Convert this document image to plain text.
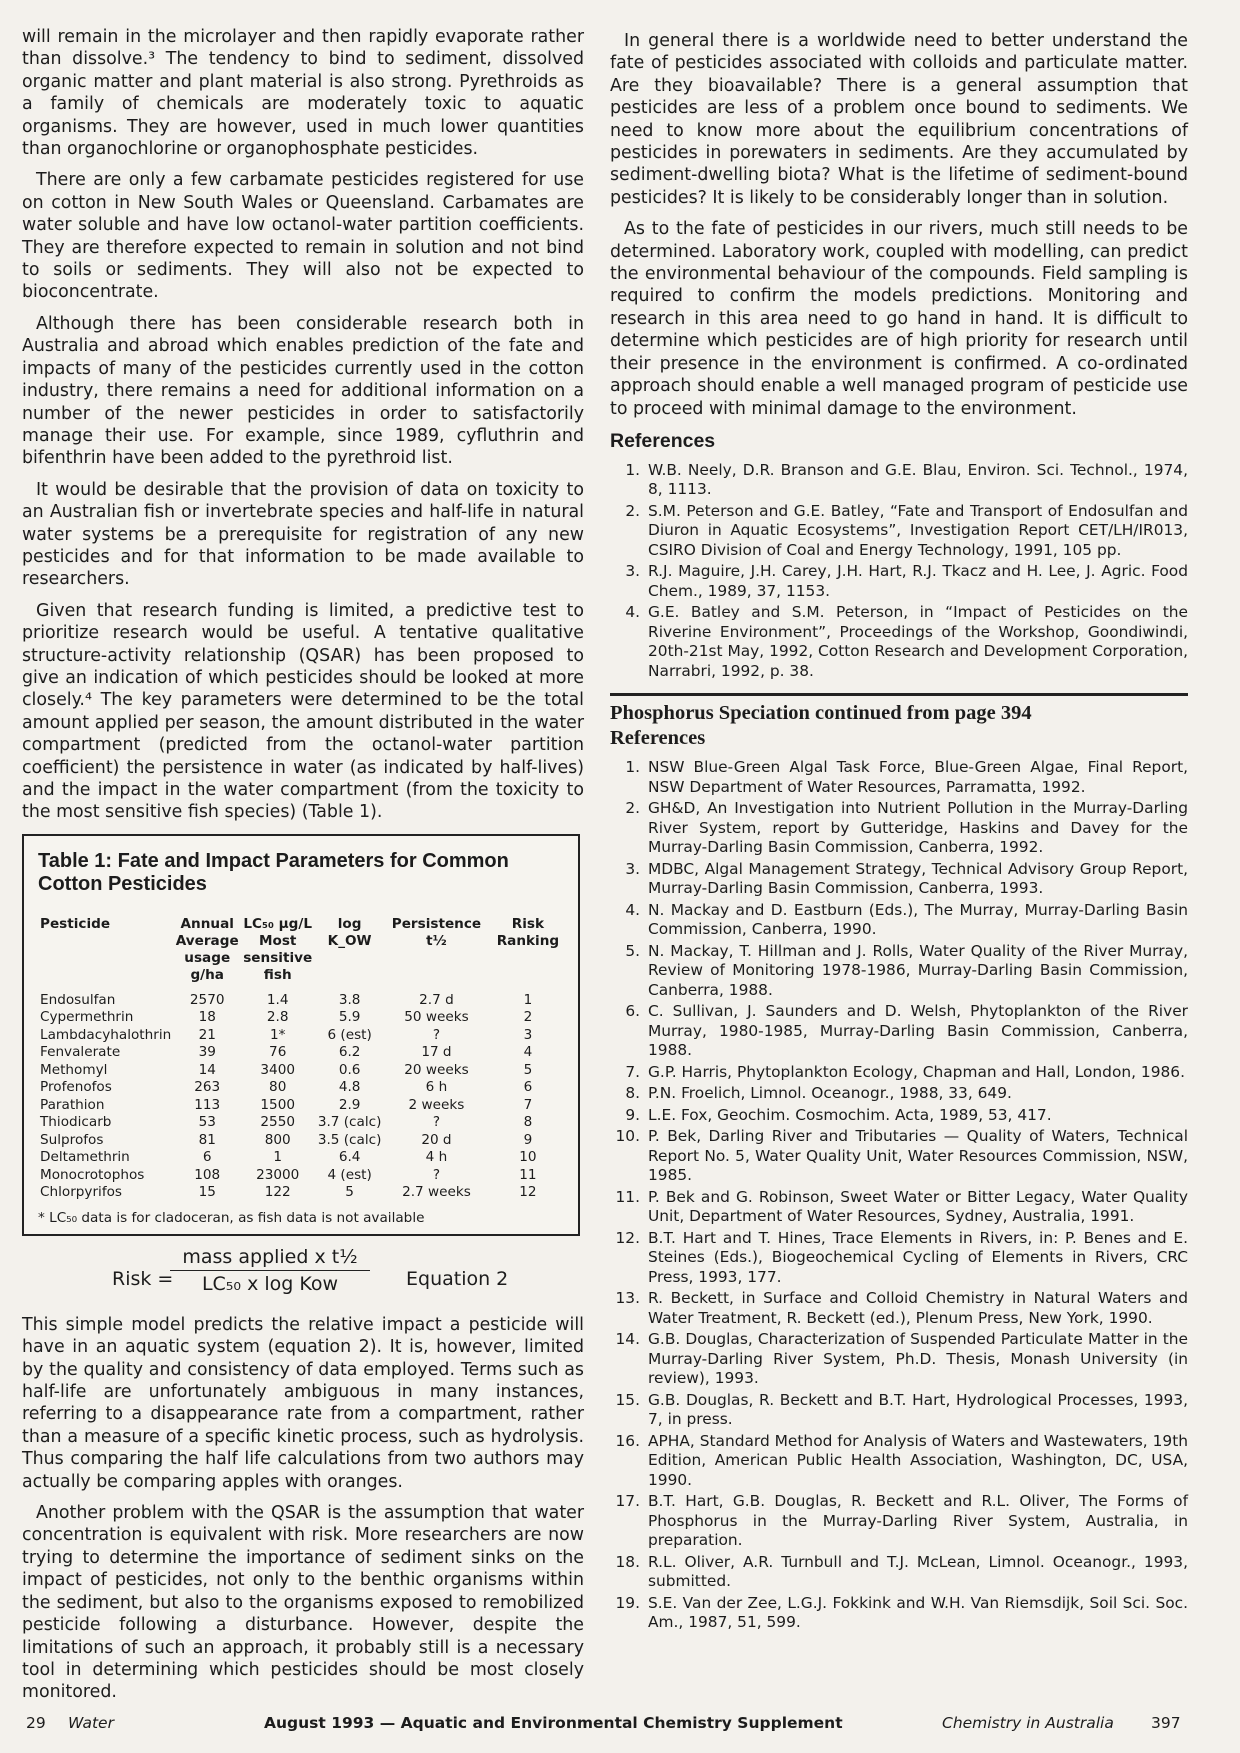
will remain in the microlayer and then rapidly evaporate rather than dissolve.³ The tendency to bind to sediment, dissolved organic matter and plant material is also strong. Pyrethroids as a family of chemicals are moderately toxic to aquatic organisms. They are however, used in much lower quantities than organochlorine or organophosphate pesticides.

There are only a few carbamate pesticides registered for use on cotton in New South Wales or Queensland. Carbamates are water soluble and have low octanol-water partition coefficients. They are therefore expected to remain in solution and not bind to soils or sediments. They will also not be expected to bioconcentrate.

Although there has been considerable research both in Australia and abroad which enables prediction of the fate and impacts of many of the pesticides currently used in the cotton industry, there remains a need for additional information on a number of the newer pesticides in order to satisfactorily manage their use. For example, since 1989, cyfluthrin and bifenthrin have been added to the pyrethroid list.

It would be desirable that the provision of data on toxicity to an Australian fish or invertebrate species and half-life in natural water systems be a prerequisite for registration of any new pesticides and for that information to be made available to researchers.

Given that research funding is limited, a predictive test to prioritize research would be useful. A tentative qualitative structure-activity relationship (QSAR) has been proposed to give an indication of which pesticides should be looked at more closely.⁴ The key parameters were determined to be the total amount applied per season, the amount distributed in the water compartment (predicted from the octanol-water partition coefficient) the persistence in water (as indicated by half-lives) and the impact in the water compartment (from the toxicity to the most sensitive fish species) (Table 1).

Table 1: Fate and Impact Parameters for Common Cotton Pesticides
Pesticide	Annual Average usage g/ha	LC₅₀ µg/L Most sensitive fish	log K_OW	Persistence t½	Risk Ranking
Endosulfan	2570	1.4	3.8	2.7 d	1
Cypermethrin	18	2.8	5.9	50 weeks	2
Lambdacyhalothrin	21	1*	6 (est)	?	3
Fenvalerate	39	76	6.2	17 d	4
Methomyl	14	3400	0.6	20 weeks	5
Profenofos	263	80	4.8	6 h	6
Parathion	113	1500	2.9	2 weeks	7
Thiodicarb	53	2550	3.7 (calc)	?	8
Sulprofos	81	800	3.5 (calc)	20 d	9
Deltamethrin	6	1	6.4	4 h	10
Monocrotophos	108	23000	4 (est)	?	11
Chlorpyrifos	15	122	5	2.7 weeks	12
* LC₅₀ data is for cladoceran, as fish data is not available
Risk =
mass applied x t½
LC₅₀ x log Kow	Equation 2

This simple model predicts the relative impact a pesticide will have in an aquatic system (equation 2). It is, however, limited by the quality and consistency of data employed. Terms such as half-life are unfortunately ambiguous in many instances, referring to a disappearance rate from a compartment, rather than a measure of a specific kinetic process, such as hydrolysis. Thus comparing the half life calculations from two authors may actually be comparing apples with oranges.

Another problem with the QSAR is the assumption that water concentration is equivalent with risk. More researchers are now trying to determine the importance of sediment sinks on the impact of pesticides, not only to the benthic organisms within the sediment, but also to the organisms exposed to remobilized pesticide following a disturbance. However, despite the limitations of such an approach, it probably still is a necessary tool in determining which pesticides should be most closely monitored.

In general there is a worldwide need to better understand the fate of pesticides associated with colloids and particulate matter. Are they bioavailable? There is a general assumption that pesticides are less of a problem once bound to sediments. We need to know more about the equilibrium concentrations of pesticides in porewaters in sediments. Are they accumulated by sediment-dwelling biota? What is the lifetime of sediment-bound pesticides? It is likely to be considerably longer than in solution.

As to the fate of pesticides in our rivers, much still needs to be determined. Laboratory work, coupled with modelling, can predict the environmental behaviour of the compounds. Field sampling is required to confirm the models predictions. Monitoring and research in this area need to go hand in hand. It is difficult to determine which pesticides are of high priority for research until their presence in the environment is confirmed. A co-ordinated approach should enable a well managed program of pesticide use to proceed with minimal damage to the environment.

References
1. W.B. Neely, D.R. Branson and G.E. Blau, Environ. Sci. Technol., 1974, 8, 1113.
2. S.M. Peterson and G.E. Batley, “Fate and Transport of Endosulfan and Diuron in Aquatic Ecosystems”, Investigation Report CET/LH/IR013, CSIRO Division of Coal and Energy Technology, 1991, 105 pp.
3. R.J. Maguire, J.H. Carey, J.H. Hart, R.J. Tkacz and H. Lee, J. Agric. Food Chem., 1989, 37, 1153.
4. G.E. Batley and S.M. Peterson, in “Impact of Pesticides on the Riverine Environment”, Proceedings of the Workshop, Goondiwindi, 20th-21st May, 1992, Cotton Research and Development Corporation, Narrabri, 1992, p. 38.
Phosphorus Speciation continued from page 394
References
1. NSW Blue-Green Algal Task Force, Blue-Green Algae, Final Report, NSW Department of Water Resources, Parramatta, 1992.
2. GH&D, An Investigation into Nutrient Pollution in the Murray-Darling River System, report by Gutteridge, Haskins and Davey for the Murray-Darling Basin Commission, Canberra, 1992.
3. MDBC, Algal Management Strategy, Technical Advisory Group Report, Murray-Darling Basin Commission, Canberra, 1993.
4. N. Mackay and D. Eastburn (Eds.), The Murray, Murray-Darling Basin Commission, Canberra, 1990.
5. N. Mackay, T. Hillman and J. Rolls, Water Quality of the River Murray, Review of Monitoring 1978-1986, Murray-Darling Basin Commission, Canberra, 1988.
6. C. Sullivan, J. Saunders and D. Welsh, Phytoplankton of the River Murray, 1980-1985, Murray-Darling Basin Commission, Canberra, 1988.
7. G.P. Harris, Phytoplankton Ecology, Chapman and Hall, London, 1986.
8. P.N. Froelich, Limnol. Oceanogr., 1988, 33, 649.
9. L.E. Fox, Geochim. Cosmochim. Acta, 1989, 53, 417.
10. P. Bek, Darling River and Tributaries — Quality of Waters, Technical Report No. 5, Water Quality Unit, Water Resources Commission, NSW, 1985.
11. P. Bek and G. Robinson, Sweet Water or Bitter Legacy, Water Quality Unit, Department of Water Resources, Sydney, Australia, 1991.
12. B.T. Hart and T. Hines, Trace Elements in Rivers, in: P. Benes and E. Steines (Eds.), Biogeochemical Cycling of Elements in Rivers, CRC Press, 1993, 177.
13. R. Beckett, in Surface and Colloid Chemistry in Natural Waters and Water Treatment, R. Beckett (ed.), Plenum Press, New York, 1990.
14. G.B. Douglas, Characterization of Suspended Particulate Matter in the Murray-Darling River System, Ph.D. Thesis, Monash University (in review), 1993.
15. G.B. Douglas, R. Beckett and B.T. Hart, Hydrological Processes, 1993, 7, in press.
16. APHA, Standard Method for Analysis of Waters and Wastewaters, 19th Edition, American Public Health Association, Washington, DC, USA, 1990.
17. B.T. Hart, G.B. Douglas, R. Beckett and R.L. Oliver, The Forms of Phosphorus in the Murray-Darling River System, Australia, in preparation.
18. R.L. Oliver, A.R. Turnbull and T.J. McLean, Limnol. Oceanogr., 1993, submitted.
19. S.E. Van der Zee, L.G.J. Fokkink and W.H. Van Riemsdijk, Soil Sci. Soc. Am., 1987, 51, 599.
29 Water	August 1993 — Aquatic and Environmental Chemistry Supplement	Chemistry in Australia 397
